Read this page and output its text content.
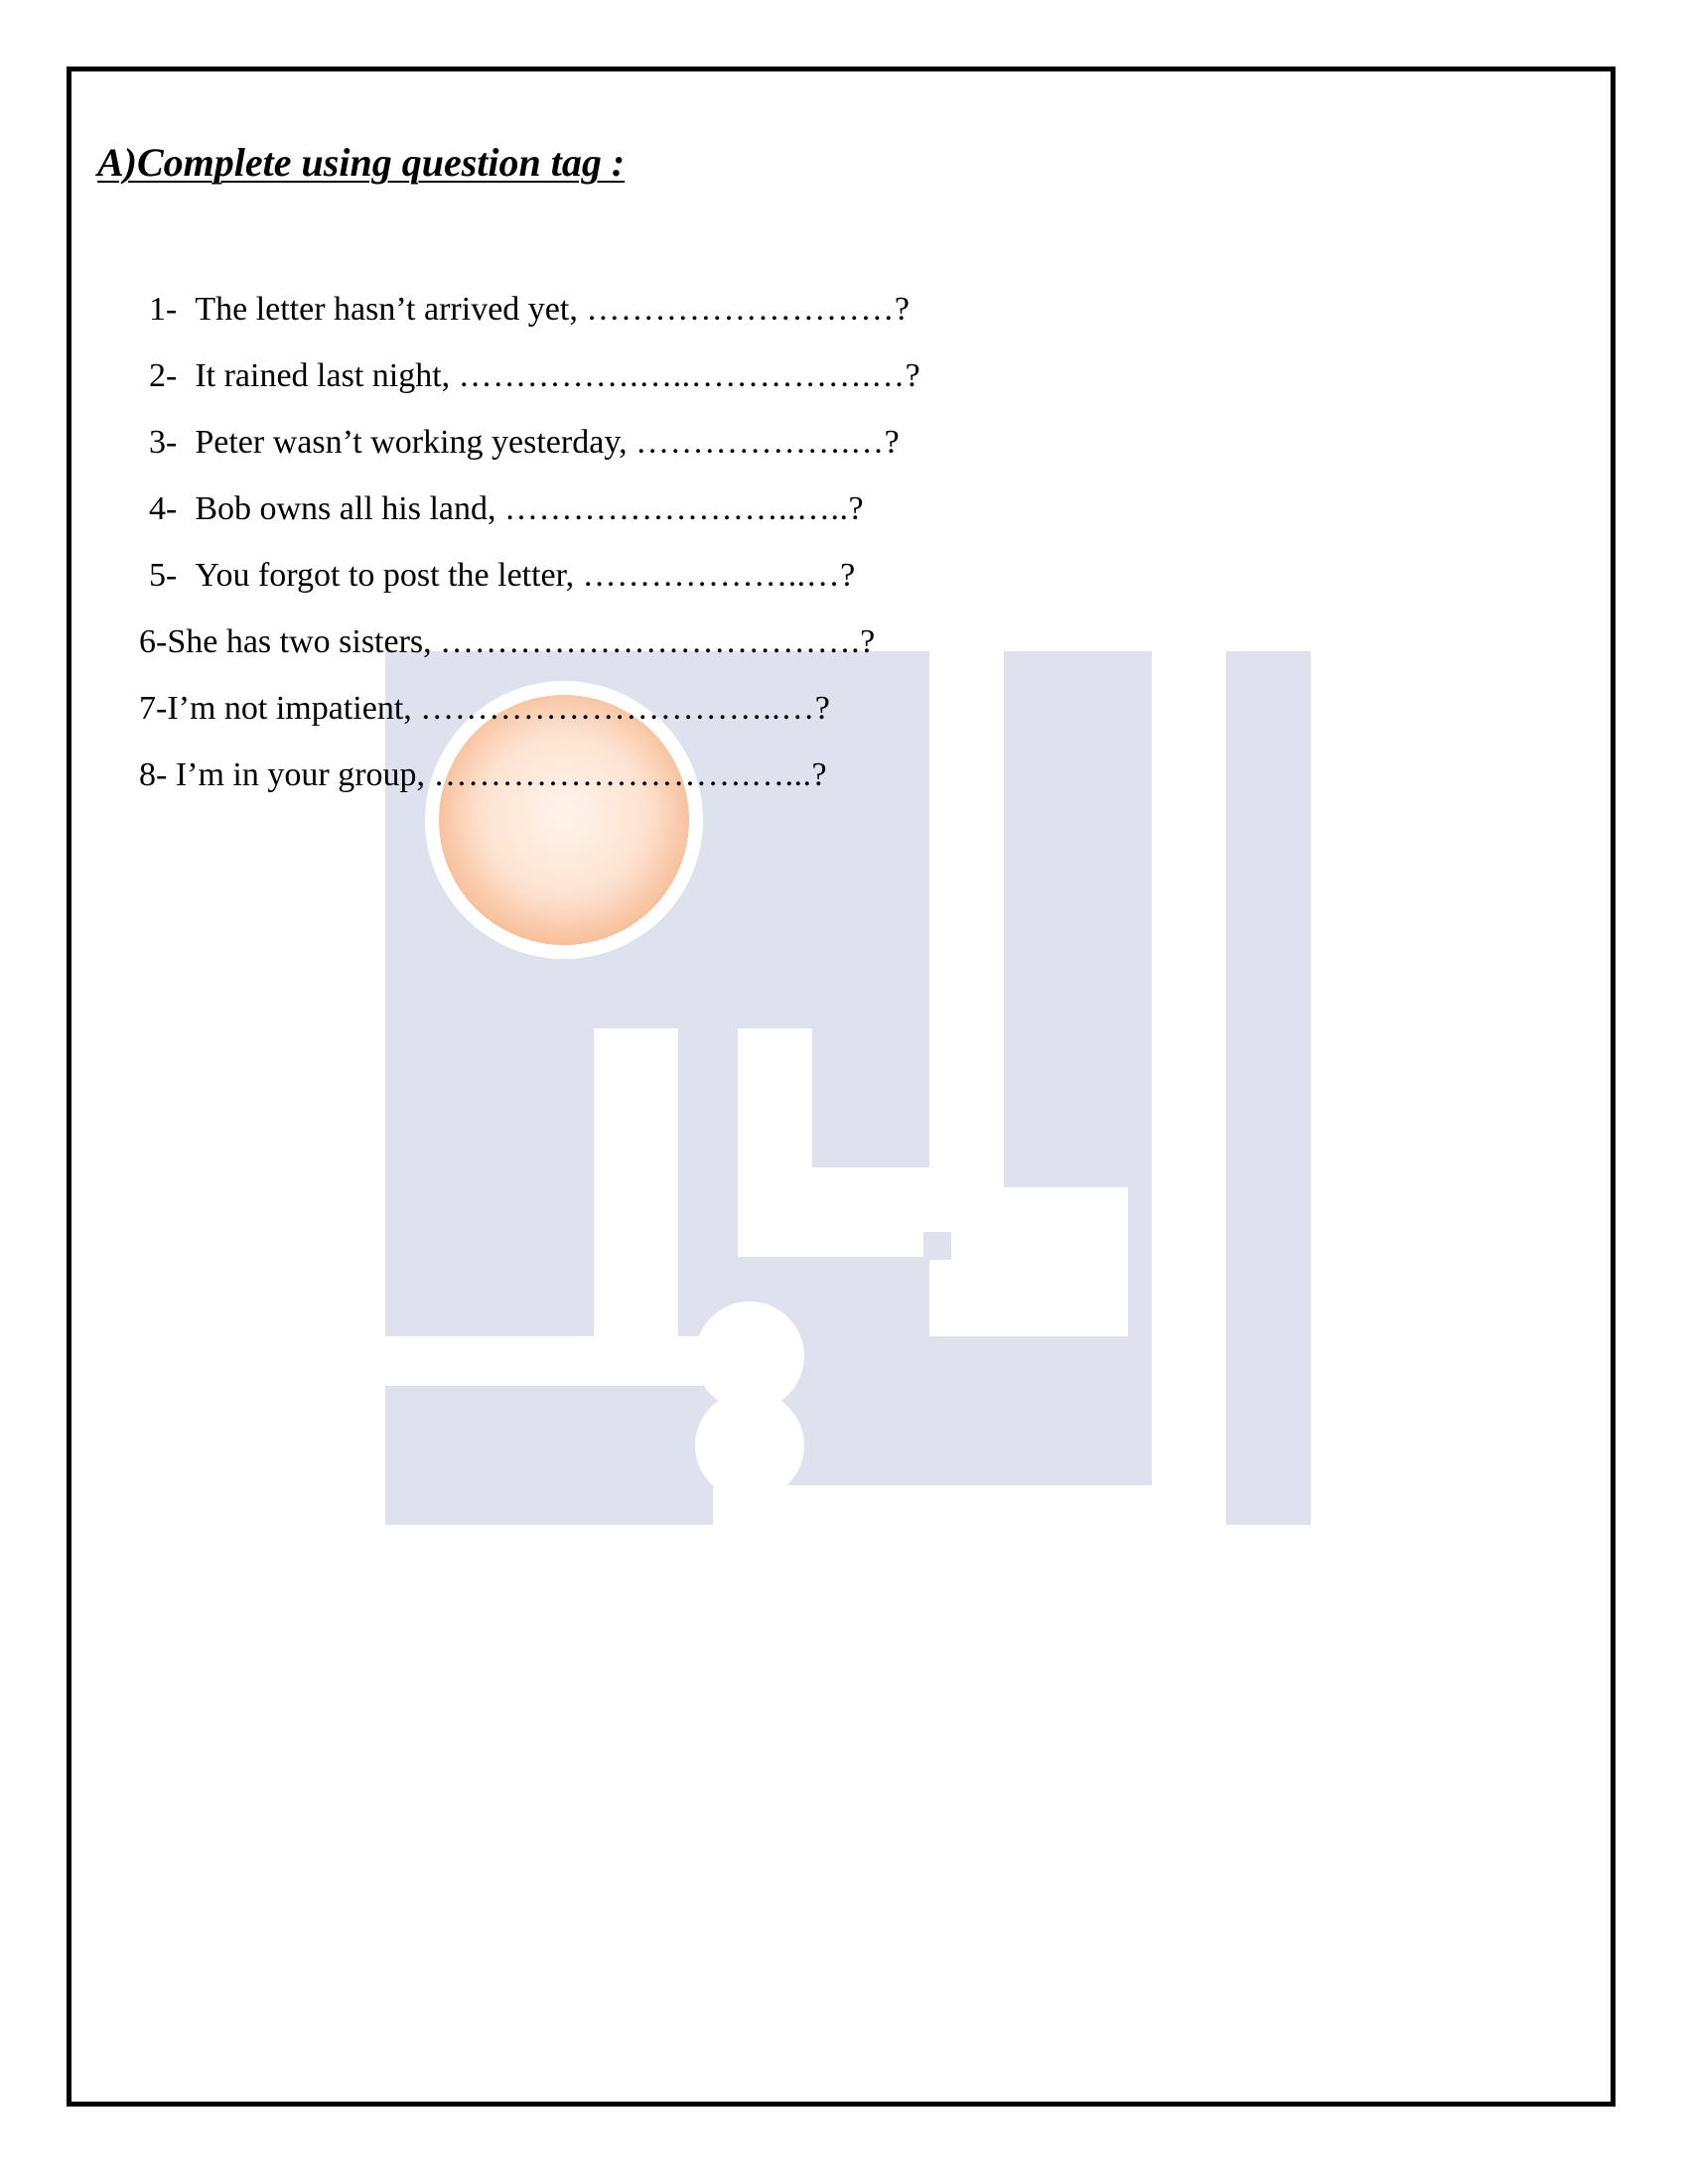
A)Complete using question tag :
1- The letter hasn’t arrived yet, ………………………?
2- It rained last night, …………….…..…………….…?
3- Peter wasn’t working yesterday, ……………….…?
4- Bob owns all his land, ……………………..…..?
5- You forgot to post the letter, ………………..…?
6-She has two sisters, ……………………………….?
7-I’m not impatient, …………………………..…?
8- I’m in your group, ……………………….…...?
